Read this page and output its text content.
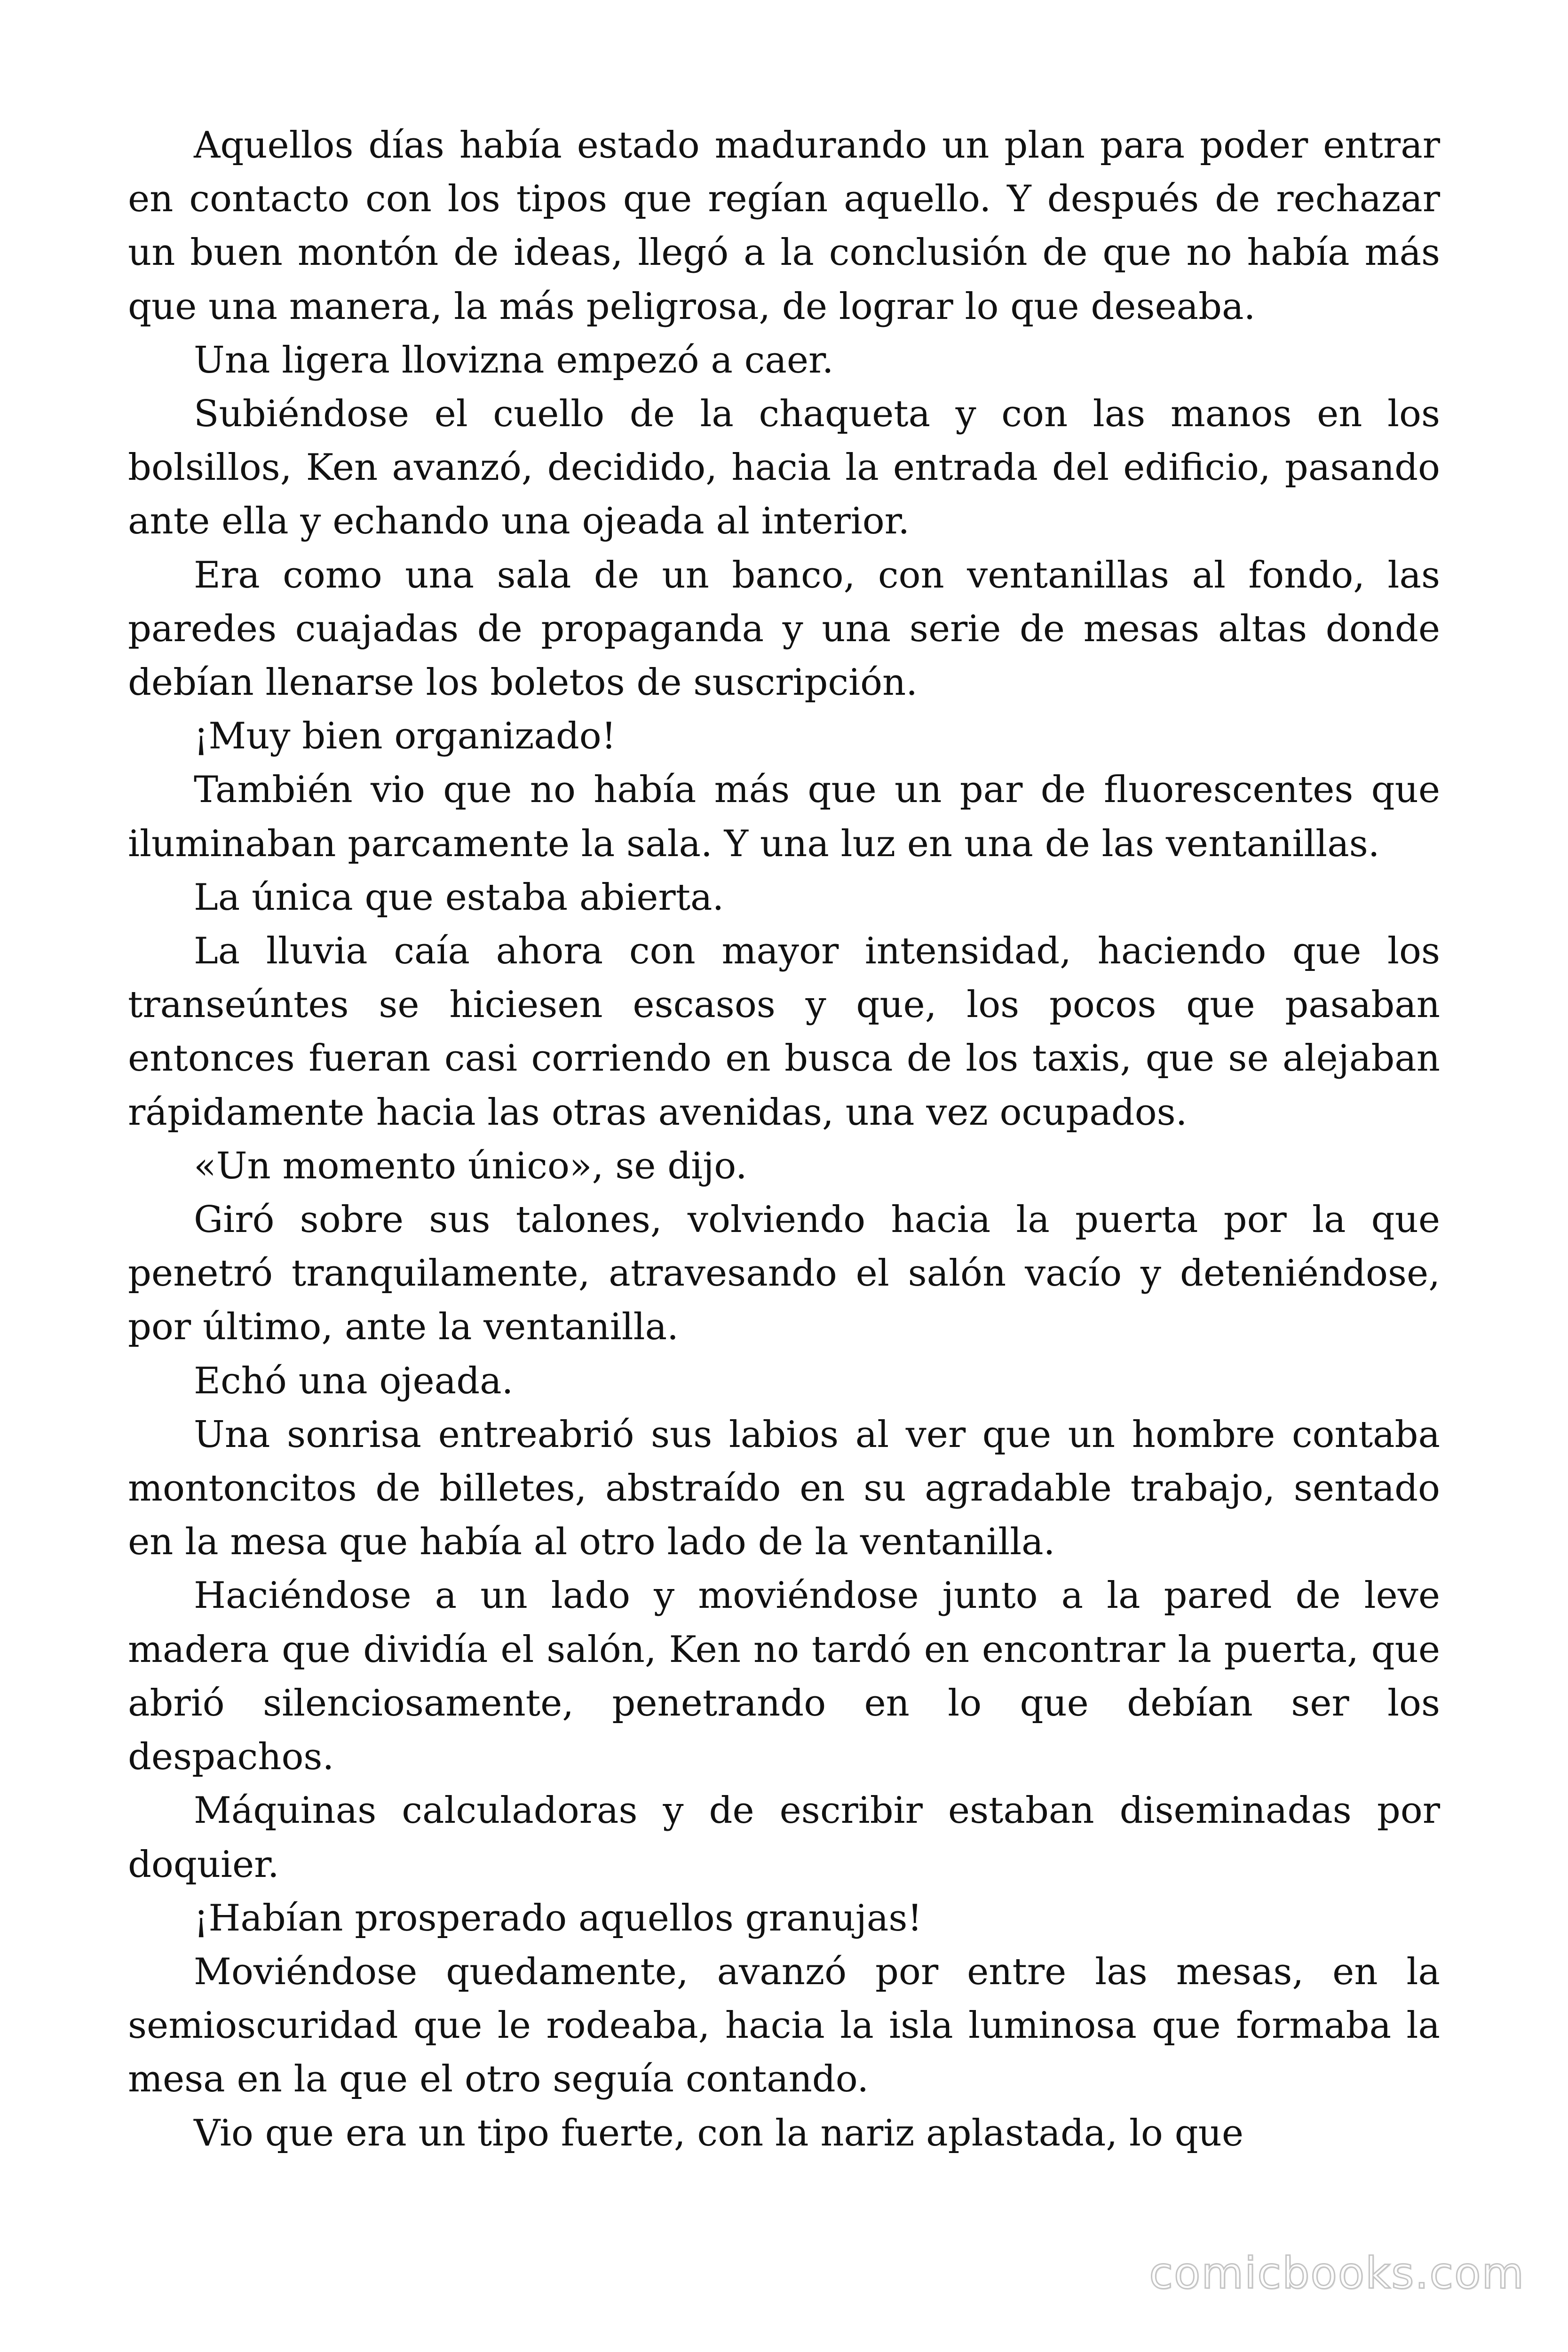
Aquellos días había estado madurando un plan para poder entrar en contacto con los tipos que regían aquello. Y después de rechazar un buen montón de ideas, llegó a la conclusión de que no había más que una manera, la más peligrosa, de lograr lo que deseaba.

Una ligera llovizna empezó a caer.

Subiéndose el cuello de la chaqueta y con las manos en los bolsillos, Ken avanzó, decidido, hacia la entrada del edificio, pasando ante ella y echando una ojeada al interior.

Era como una sala de un banco, con ventanillas al fondo, las paredes cuajadas de propaganda y una serie de mesas altas donde debían llenarse los boletos de suscripción.

¡Muy bien organizado!

También vio que no había más que un par de fluorescentes que iluminaban parcamente la sala. Y una luz en una de las ventanillas.

La única que estaba abierta.

La lluvia caía ahora con mayor intensidad, haciendo que los transeúntes se hiciesen escasos y que, los pocos que pasaban entonces fueran casi corriendo en busca de los taxis, que se alejaban rápidamente hacia las otras avenidas, una vez ocupados.

«Un momento único», se dijo.

Giró sobre sus talones, volviendo hacia la puerta por la que penetró tranquilamente, atravesando el salón vacío y deteniéndose, por último, ante la ventanilla.

Echó una ojeada.

Una sonrisa entreabrió sus labios al ver que un hombre contaba montoncitos de billetes, abstraído en su agradable trabajo, sentado en la mesa que había al otro lado de la ventanilla.

Haciéndose a un lado y moviéndose junto a la pared de leve madera que dividía el salón, Ken no tardó en encontrar la puerta, que abrió silenciosamente, penetrando en lo que debían ser los despachos.

Máquinas calculadoras y de escribir estaban diseminadas por doquier.

¡Habían prosperado aquellos granujas!

Moviéndose quedamente, avanzó por entre las mesas, en la semioscuridad que le rodeaba, hacia la isla luminosa que formaba la mesa en la que el otro seguía contando.

Vio que era un tipo fuerte, con la nariz aplastada, lo que

comicbooks.com
